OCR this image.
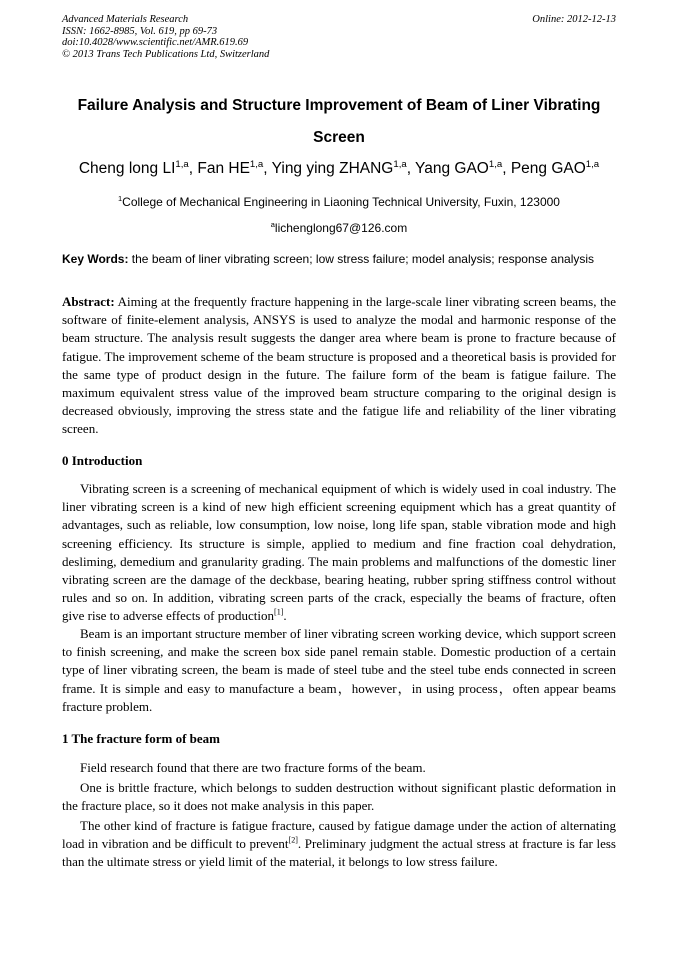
Advanced Materials Research
ISSN: 1662-8985, Vol. 619, pp 69-73
doi:10.4028/www.scientific.net/AMR.619.69
© 2013 Trans Tech Publications Ltd, Switzerland
Online: 2012-12-13
Failure Analysis and Structure Improvement of Beam of Liner Vibrating Screen
Cheng long LI$^{1,a}$, Fan HE$^{1,a}$, Ying ying ZHANG$^{1,a}$, Yang GAO$^{1,a}$, Peng GAO$^{1,a}$
$^1$College of Mechanical Engineering in Liaoning Technical University, Fuxin, 123000
$^a$lichenglong67@126.com
Key Words: the beam of liner vibrating screen; low stress failure; model analysis; response analysis
Abstract: Aiming at the frequently fracture happening in the large-scale liner vibrating screen beams, the software of finite-element analysis, ANSYS is used to analyze the modal and harmonic response of the beam structure. The analysis result suggests the danger area where beam is prone to fracture because of fatigue. The improvement scheme of the beam structure is proposed and a theoretical basis is provided for the same type of product design in the future. The failure form of the beam is fatigue failure. The maximum equivalent stress value of the improved beam structure comparing to the original design is decreased obviously, improving the stress state and the fatigue life and reliability of the liner vibrating screen.
0 Introduction

Vibrating screen is a screening of mechanical equipment of which is widely used in coal industry. The liner vibrating screen is a kind of new high efficient screening equipment which has a great quantity of advantages, such as reliable, low consumption, low noise, long life span, stable vibration mode and high screening efficiency. Its structure is simple, applied to medium and fine fraction coal dehydration, desliming, demedium and granularity grading. The main problems and malfunctions of the domestic liner vibrating screen are the damage of the deckbase, bearing heating, rubber spring stiffness control without rules and so on. In addition, vibrating screen parts of the crack, especially the beams of fracture, often give rise to adverse effects of production[1].

Beam is an important structure member of liner vibrating screen working device, which support screen to finish screening, and make the screen box side panel remain stable. Domestic production of a certain type of liner vibrating screen, the beam is made of steel tube and the steel tube ends connected in screen frame. It is simple and easy to manufacture a beam，however，in using process，often appear beams fracture problem.

1 The fracture form of beam

Field research found that there are two fracture forms of the beam.

One is brittle fracture, which belongs to sudden destruction without significant plastic deformation in the fracture place, so it does not make analysis in this paper.

The other kind of fracture is fatigue fracture, caused by fatigue damage under the action of alternating load in vibration and be difficult to prevent[2]. Preliminary judgment the actual stress at fracture is far less than the ultimate stress or yield limit of the material, it belongs to low stress failure.
